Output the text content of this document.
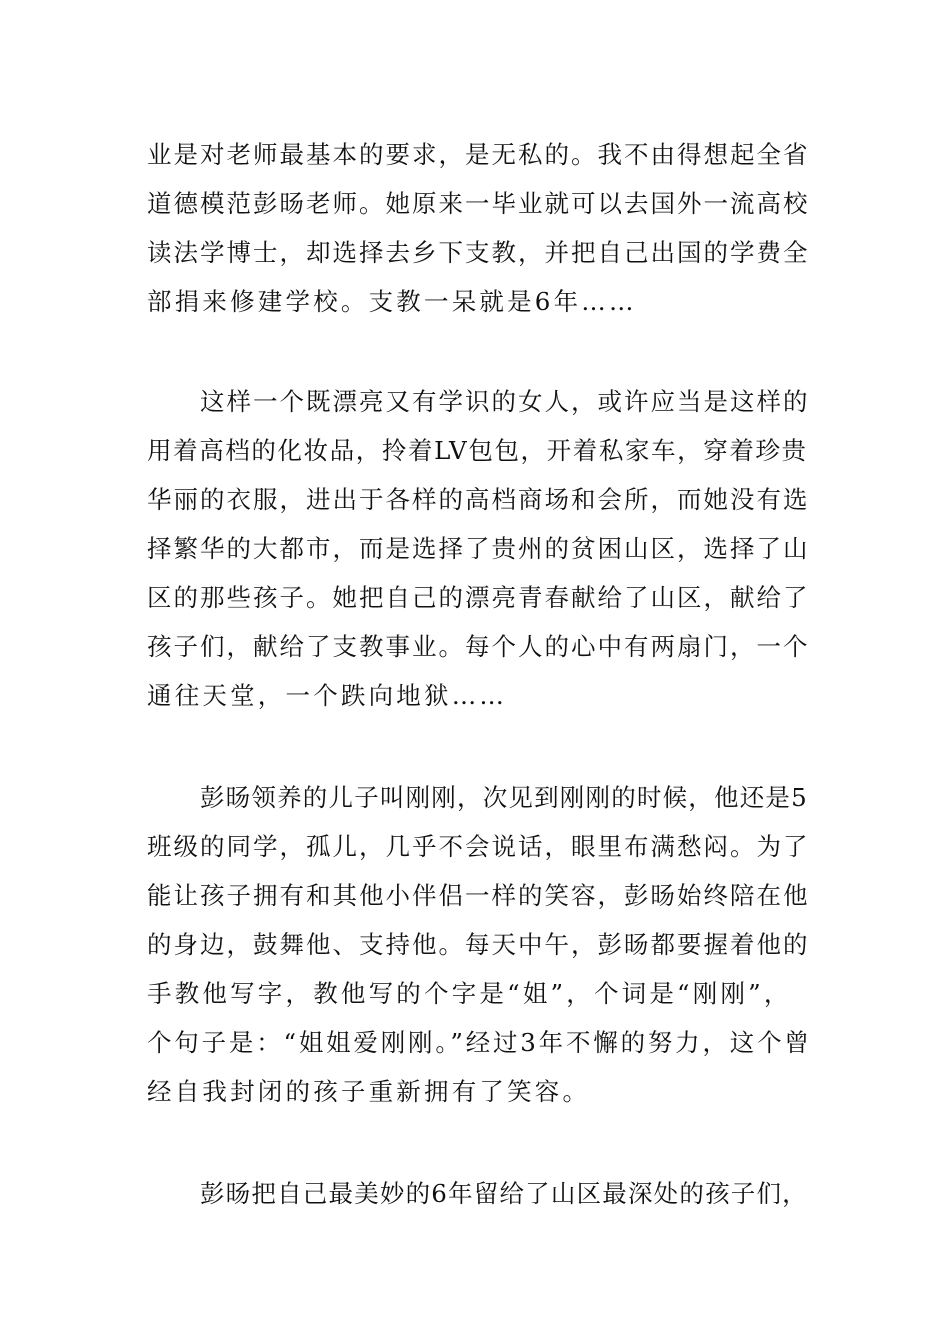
业是对老师最基本的要求，是无私的。我不由得想起全省
道德模范彭旸老师。她原来一毕业就可以去国外一流高校
读法学博士，却选择去乡下支教，并把自己出国的学费全
部捐来修建学校。支教一呆就是6年……
这样一个既漂亮又有学识的女人，或许应当是这样的
用着高档的化妆品，拎着LV包包，开着私家车，穿着珍贵
华丽的衣服，进出于各样的高档商场和会所，而她没有选
择繁华的大都市，而是选择了贵州的贫困山区，选择了山
区的那些孩子。她把自己的漂亮青春献给了山区，献给了
孩子们，献给了支教事业。每个人的心中有两扇门，一个
通往天堂，一个跌向地狱……
彭旸领养的儿子叫刚刚，次见到刚刚的时候，他还是5
班级的同学，孤儿，几乎不会说话，眼里布满愁闷。为了
能让孩子拥有和其他小伴侣一样的笑容，彭旸始终陪在他
的身边，鼓舞他、支持他。每天中午，彭旸都要握着他的
手教他写字，教他写的个字是“姐”，个词是“刚刚”，
个句子是：“姐姐爱刚刚。”经过3年不懈的努力，这个曾
经自我封闭的孩子重新拥有了笑容。
彭旸把自己最美妙的6年留给了山区最深处的孩子们，
